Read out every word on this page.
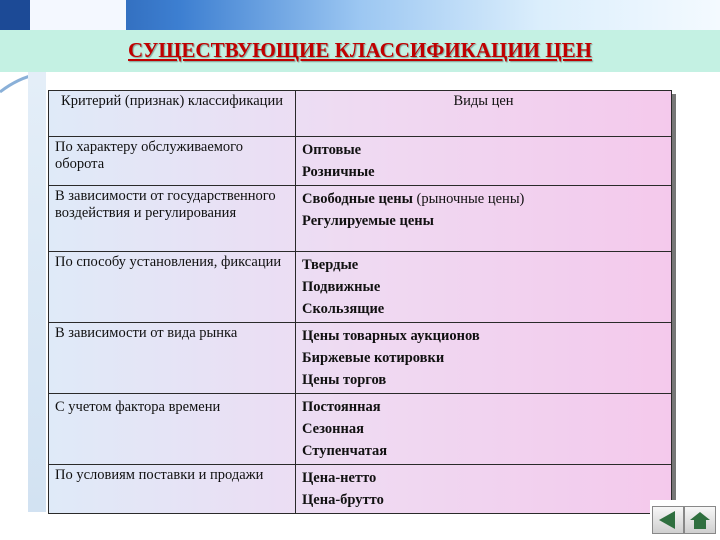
СУЩЕСТВУЮЩИЕ КЛАССИФИКАЦИИ ЦЕН
Критерий (признак) классификации	Виды цен
По характеру обслуживаемого оборота	Оптовые
Розничные

В зависимости от государственного воздействия и регулирования	Свободные цены (рыночные цены)
Регулируемые цены

По способу установления, фиксации	Твердые
Подвижные
Скользящие

В зависимости от вида рынка	Цены товарных аукционов
Биржевые котировки
Цены торгов

С учетом фактора времени	Постоянная
Сезонная
Ступенчатая

По условиям поставки и продажи	Цена-нетто
Цена-брутто
